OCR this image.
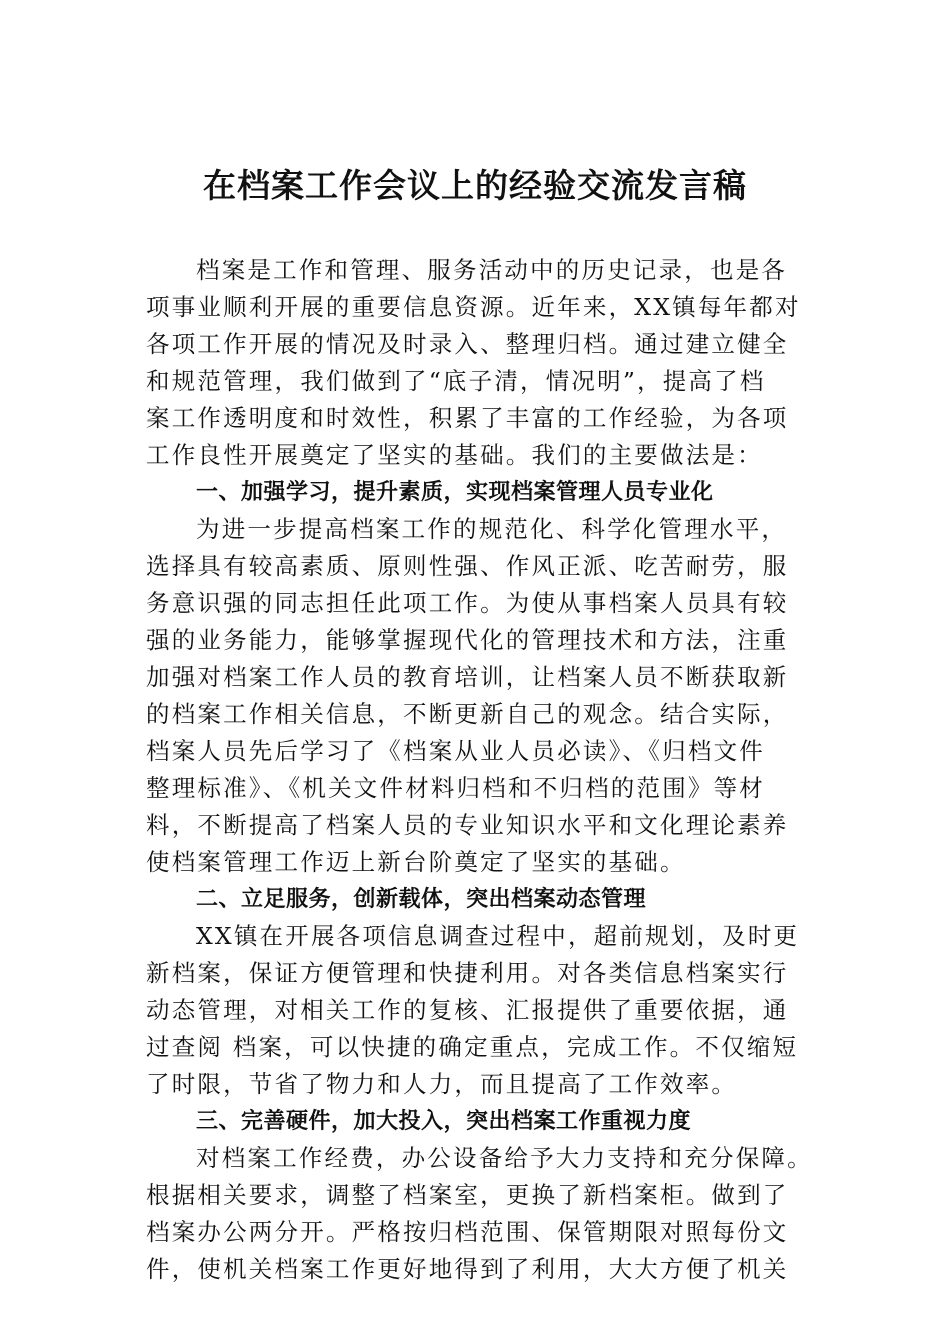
在档案工作会议上的经验交流发言稿
档案是工作和管理、服务活动中的历史记录，也是各
项事业顺利开展的重要信息资源。近年来，XX镇每年都对
各项工作开展的情况及时录入、整理归档。通过建立健全
和规范管理，我们做到了“底子清，情况明”，提高了档
案工作透明度和时效性，积累了丰富的工作经验，为各项
工作良性开展奠定了坚实的基础。我们的主要做法是：
一、加强学习，提升素质，实现档案管理人员专业化
为进一步提高档案工作的规范化、科学化管理水平，
选择具有较高素质、原则性强、作风正派、吃苦耐劳，服
务意识强的同志担任此项工作。为使从事档案人员具有较
强的业务能力，能够掌握现代化的管理技术和方法，注重
加强对档案工作人员的教育培训，让档案人员不断获取新
的档案工作相关信息，不断更新自己的观念。结合实际，
档案人员先后学习了《档案从业人员必读》、《归档文件
整理标准》、《机关文件材料归档和不归档的范围》等材
料，不断提高了档案人员的专业知识水平和文化理论素养
使档案管理工作迈上新台阶奠定了坚实的基础。
二、立足服务，创新载体，突出档案动态管理
XX镇在开展各项信息调查过程中，超前规划，及时更
新档案，保证方便管理和快捷利用。对各类信息档案实行
动态管理，对相关工作的复核、汇报提供了重要依据，通
过查阅 档案，可以快捷的确定重点，完成工作。不仅缩短
了时限，节省了物力和人力，而且提高了工作效率。
三、完善硬件，加大投入，突出档案工作重视力度
对档案工作经费，办公设备给予大力支持和充分保障。
根据相关要求，调整了档案室，更换了新档案柜。做到了
档案办公两分开。严格按归档范围、保管期限对照每份文
件，使机关档案工作更好地得到了利用，大大方便了机关
